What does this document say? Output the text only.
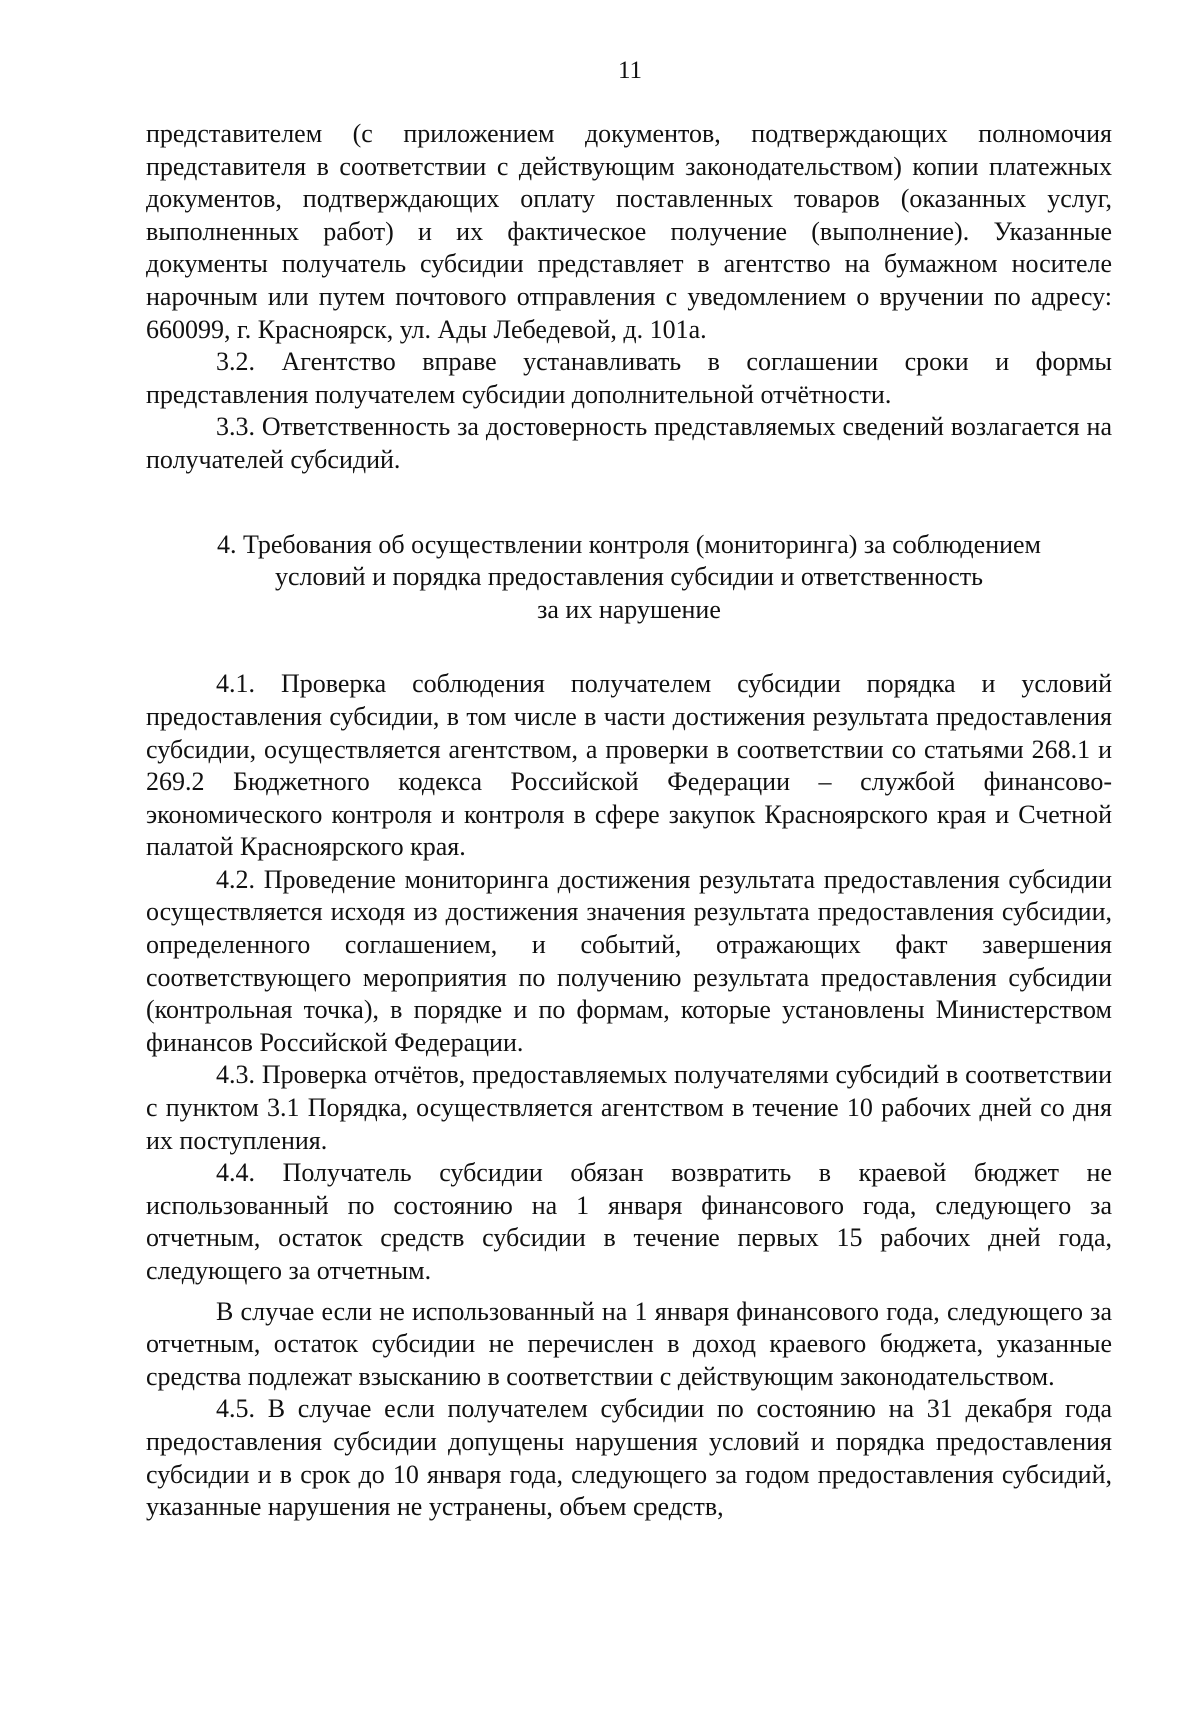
11

представителем (с приложением документов, подтверждающих полномочия представителя в соответствии с действующим законодательством) копии платежных документов, подтверждающих оплату поставленных товаров (оказанных услуг, выполненных работ) и их фактическое получение (выполнение). Указанные документы получатель субсидии представляет в агентство на бумажном носителе нарочным или путем почтового отправления с уведомлением о вручении по адресу: 660099, г. Красноярск, ул. Ады Лебедевой, д. 101а.

3.2. Агентство вправе устанавливать в соглашении сроки и формы представления получателем субсидии дополнительной отчётности.

3.3. Ответственность за достоверность представляемых сведений возлагается на получателей субсидий.

4. Требования об осуществлении контроля (мониторинга) за соблюдением
условий и порядка предоставления субсидии и ответственность
за их нарушение

4.1. Проверка соблюдения получателем субсидии порядка и условий предоставления субсидии, в том числе в части достижения результата предоставления субсидии, осуществляется агентством, а проверки в соответствии со статьями 268.1 и 269.2 Бюджетного кодекса Российской Федерации – службой финансово-экономического контроля и контроля в сфере закупок Красноярского края и Счетной палатой Красноярского края.

4.2. Проведение мониторинга достижения результата предоставления субсидии осуществляется исходя из достижения значения результата предоставления субсидии, определенного соглашением, и событий, отражающих факт завершения соответствующего мероприятия по получению результата предоставления субсидии (контрольная точка), в порядке и по формам, которые установлены Министерством финансов Российской Федерации.

4.3. Проверка отчётов, предоставляемых получателями субсидий в соответствии с пунктом 3.1 Порядка, осуществляется агентством в течение 10 рабочих дней со дня их поступления.

4.4. Получатель субсидии обязан возвратить в краевой бюджет не использованный по состоянию на 1 января финансового года, следующего за отчетным, остаток средств субсидии в течение первых 15 рабочих дней года, следующего за отчетным.

В случае если не использованный на 1 января финансового года, следующего за отчетным, остаток субсидии не перечислен в доход краевого бюджета, указанные средства подлежат взысканию в соответствии с действующим законодательством.

4.5. В случае если получателем субсидии по состоянию на 31 декабря года предоставления субсидии допущены нарушения условий и порядка предоставления субсидии и в срок до 10 января года, следующего за годом предоставления субсидий, указанные нарушения не устранены, объем средств,
